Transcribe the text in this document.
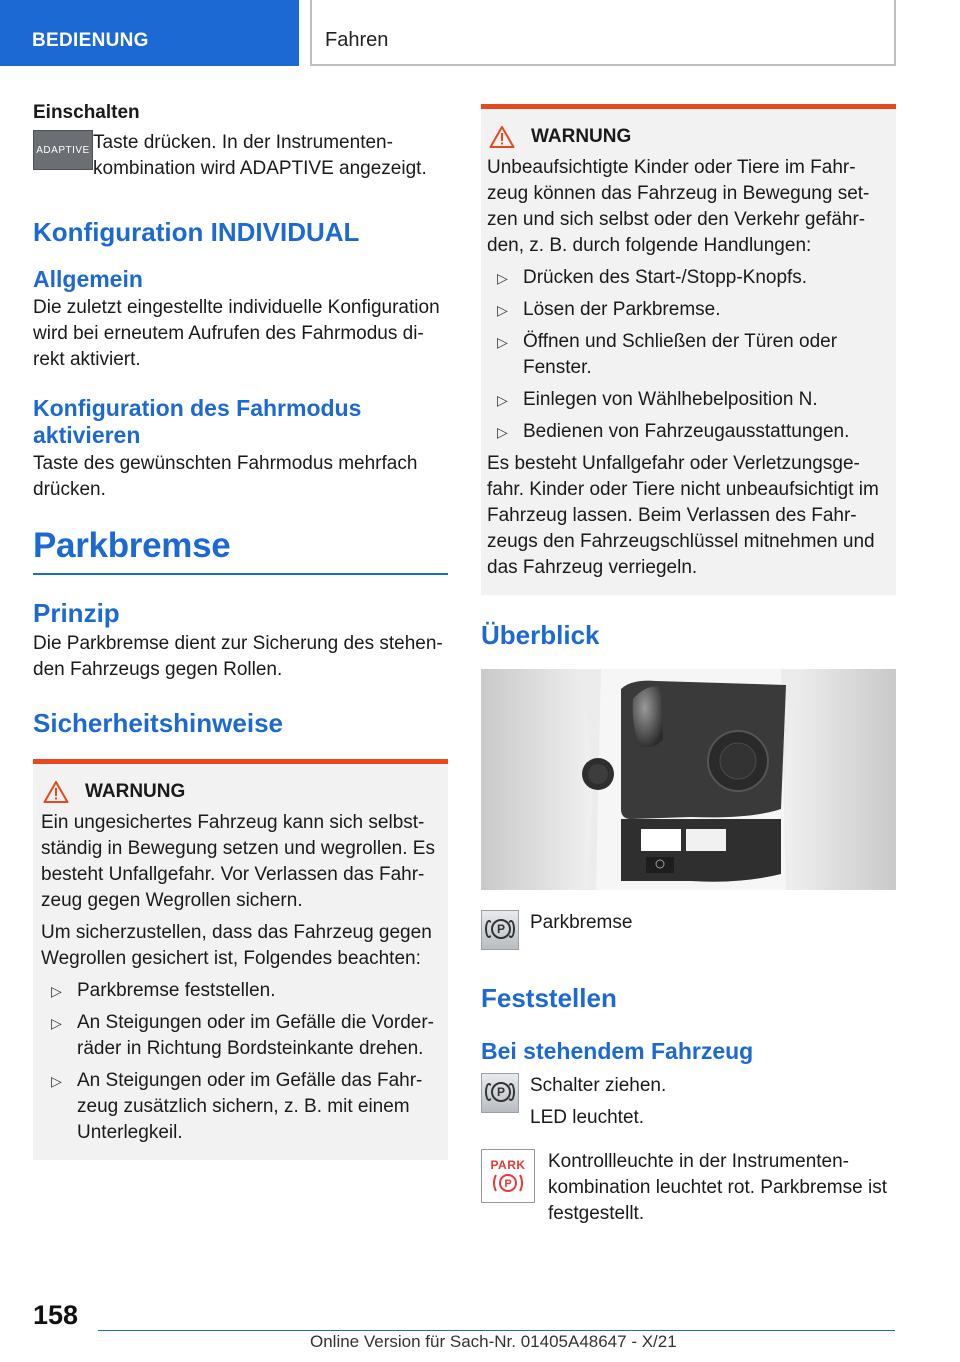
BEDIENUNG	Fahren
Einschalten
ADAPTIVE Taste drücken. In der Instrumenten-kombination wird ADAPTIVE angezeigt.

Konfiguration INDIVIDUAL
Allgemein

Die zuletzt eingestellte individuelle Konfiguration wird bei erneutem Aufrufen des Fahrmodus di-rekt aktiviert.

Konfiguration des Fahrmodus aktivieren

Taste des gewünschten Fahrmodus mehrfach drücken.

Parkbremse
Prinzip

Die Parkbremse dient zur Sicherung des stehen-den Fahrzeugs gegen Rollen.

Sicherheitshinweise
WARNUNG

Ein ungesichertes Fahrzeug kann sich selbst-ständig in Bewegung setzen und wegrollen. Es besteht Unfallgefahr. Vor Verlassen das Fahr-zeug gegen Wegrollen sichern.

Um sicherzustellen, dass das Fahrzeug gegen Wegrollen gesichert ist, Folgendes beachten:

▷ Parkbremse feststellen.
▷ An Steigungen oder im Gefälle die Vorder-räder in Richtung Bordsteinkante drehen.
▷ An Steigungen oder im Gefälle das Fahr-zeug zusätzlich sichern, z. B. mit einem Unterlegkeil.
WARNUNG

Unbeaufsichtigte Kinder oder Tiere im Fahr-zeug können das Fahrzeug in Bewegung set-zen und sich selbst oder den Verkehr gefähr-den, z. B. durch folgende Handlungen:

▷ Drücken des Start-/Stopp-Knopfs.
▷ Lösen der Parkbremse.
▷ Öffnen und Schließen der Türen oder Fenster.
▷ Einlegen von Wählhebelposition N.
▷ Bedienen von Fahrzeugausstattungen.

Es besteht Unfallgefahr oder Verletzungsge-fahr. Kinder oder Tiere nicht unbeaufsichtigt im Fahrzeug lassen. Beim Verlassen des Fahr-zeugs den Fahrzeugschlüssel mitnehmen und das Fahrzeug verriegeln.

Überblick
P	Parkbremse

Feststellen
Bei stehendem Fahrzeug
P	Schalter ziehen.

LED leuchtet.

PARK
P

Kontrollleuchte in der Instrumenten-kombination leuchtet rot. Parkbremse ist festgestellt.

158
Online Version für Sach-Nr. 01405A48647 - X/21
